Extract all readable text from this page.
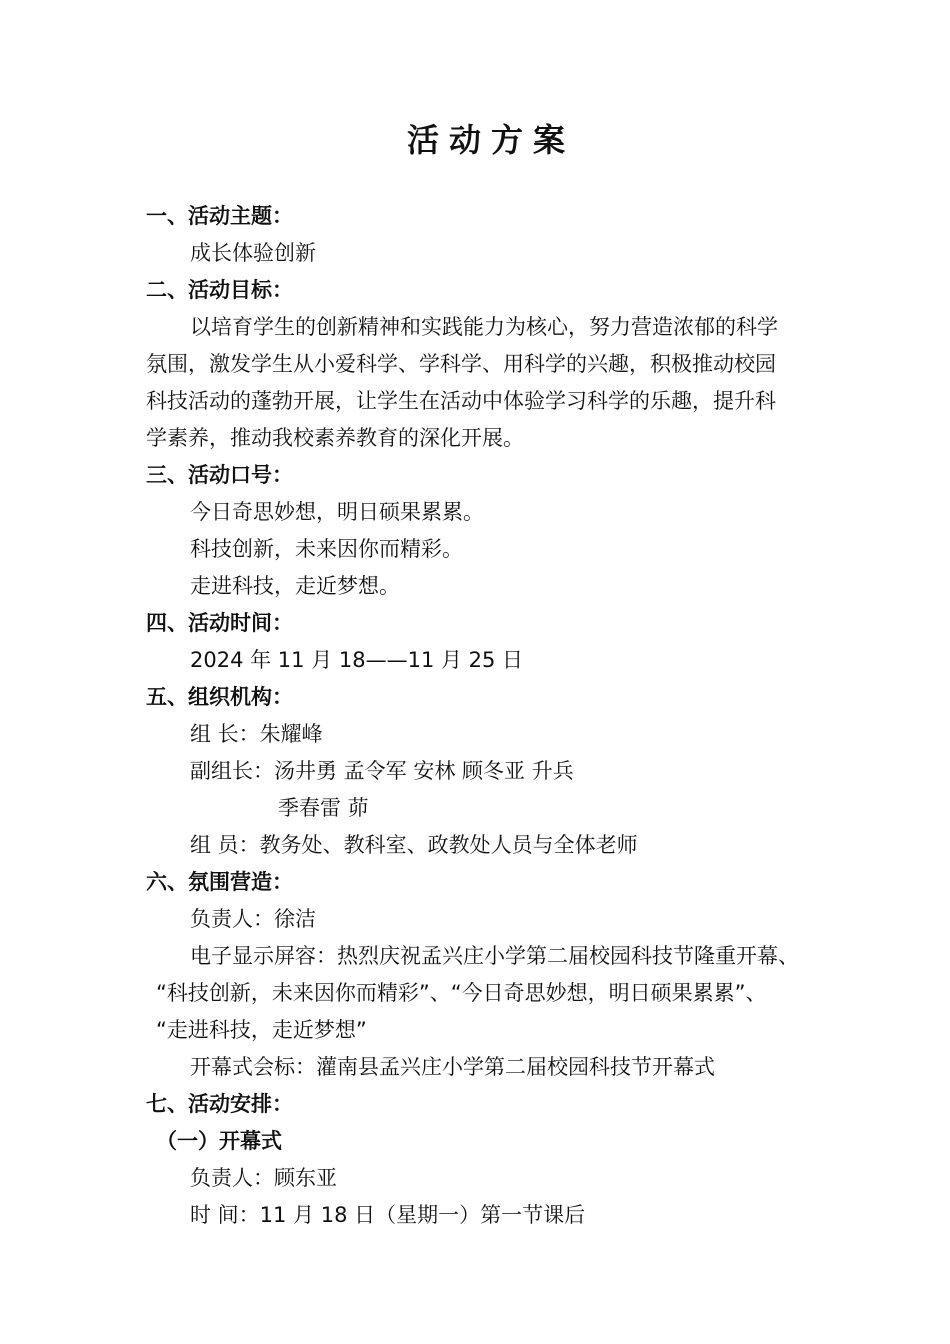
活动方案

一、活动主题：

成长体验创新

二、活动目标：

以培育学生的创新精神和实践能力为核心，努力营造浓郁的科学

氛围，激发学生从小爱科学、学科学、用科学的兴趣，积极推动校园

科技活动的蓬勃开展，让学生在活动中体验学习科学的乐趣，提升科

学素养，推动我校素养教育的深化开展。

三、活动口号：

今日奇思妙想，明日硕果累累。

科技创新，未来因你而精彩。

走进科技，走近梦想。

四、活动时间：

2024 年 11 月 18——11 月 25 日

五、组织机构：

组 长：朱耀峰

副组长：汤井勇 孟令军 安林 顾冬亚 升兵

季春雷 茆

组 员：教务处、教科室、政教处人员与全体老师

六、氛围营造：

负责人：徐洁

电子显示屏容：热烈庆祝孟兴庄小学第二届校园科技节隆重开幕、

“科技创新，未来因你而精彩”、“今日奇思妙想，明日硕果累累”、

“走进科技，走近梦想”

开幕式会标：灌南县孟兴庄小学第二届校园科技节开幕式

七、活动安排：

（一）开幕式

负责人：顾东亚

时 间：11 月 18 日（星期一）第一节课后
